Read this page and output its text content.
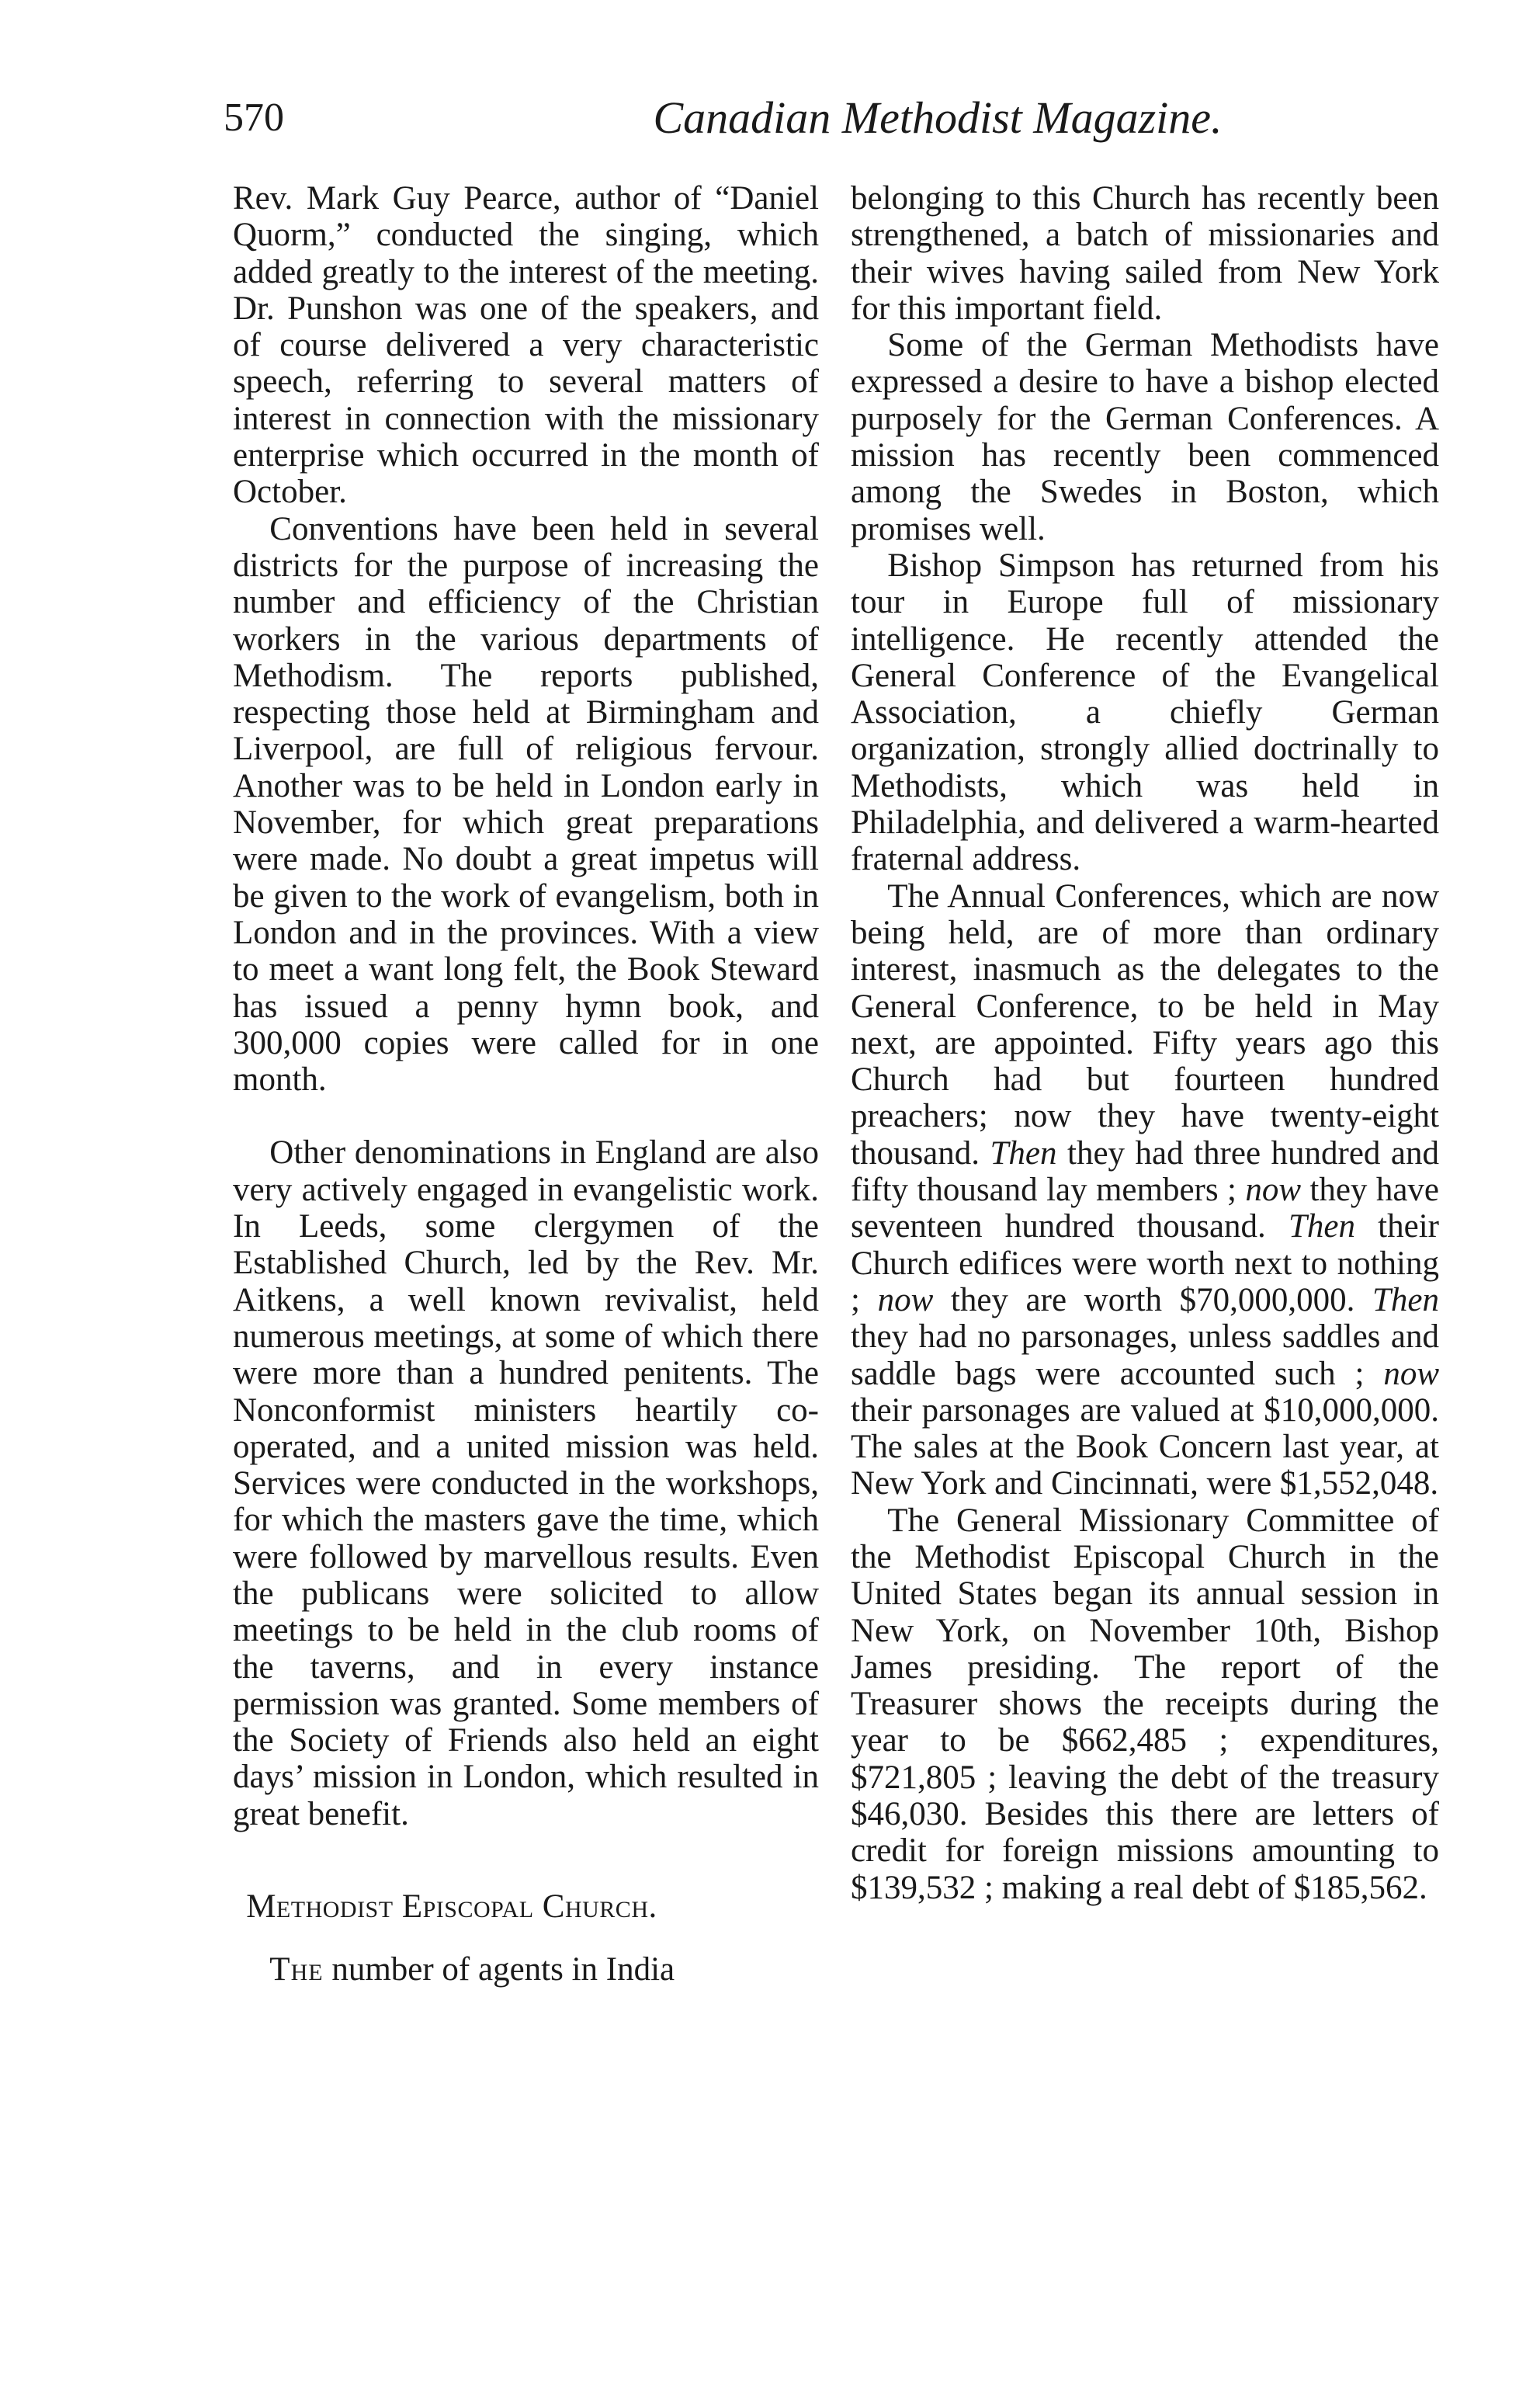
570	Canadian Methodist Magazine.

Rev. Mark Guy Pearce, author of “Daniel Quorm,” conducted the singing, which added greatly to the interest of the meeting. Dr. Punshon was one of the speakers, and of course delivered a very characteristic speech, referring to several matters of interest in connection with the missionary enterprise which occurred in the month of October.

Conventions have been held in several districts for the purpose of increasing the number and efficiency of the Christian workers in the various departments of Methodism. The reports published, respecting those held at Birmingham and Liverpool, are full of religious fervour. Another was to be held in London early in November, for which great preparations were made. No doubt a great impetus will be given to the work of evangelism, both in London and in the provinces. With a view to meet a want long felt, the Book Steward has issued a penny hymn book, and 300,000 copies were called for in one month.

Other denominations in England are also very actively engaged in evangelistic work. In Leeds, some clergymen of the Established Church, led by the Rev. Mr. Aitkens, a well known revivalist, held numerous meetings, at some of which there were more than a hundred penitents. The Nonconformist ministers heartily co-operated, and a united mission was held. Services were conducted in the workshops, for which the masters gave the time, which were followed by marvellous results. Even the publicans were solicited to allow meetings to be held in the club rooms of the taverns, and in every instance permission was granted. Some members of the Society of Friends also held an eight days’ mission in London, which resulted in great benefit.

Methodist Episcopal Church.

The number of agents in India

belonging to this Church has recently been strengthened, a batch of missionaries and their wives having sailed from New York for this important field.

Some of the German Methodists have expressed a desire to have a bishop elected purposely for the German Conferences. A mission has recently been commenced among the Swedes in Boston, which promises well.

Bishop Simpson has returned from his tour in Europe full of missionary intelligence. He recently attended the General Conference of the Evangelical Association, a chiefly German organization, strongly allied doctrinally to Methodists, which was held in Philadelphia, and delivered a warm-hearted fraternal address.

The Annual Conferences, which are now being held, are of more than ordinary interest, inasmuch as the delegates to the General Conference, to be held in May next, are appointed. Fifty years ago this Church had but fourteen hundred preachers; now they have twenty-eight thousand. Then they had three hundred and fifty thousand lay members ; now they have seventeen hundred thousand. Then their Church edifices were worth next to nothing ; now they are worth $70,000,000. Then they had no parsonages, unless saddles and saddle bags were accounted such ; now their parsonages are valued at $10,000,000. The sales at the Book Concern last year, at New York and Cincinnati, were $1,552,048.

The General Missionary Committee of the Methodist Episcopal Church in the United States began its annual session in New York, on November 10th, Bishop James presiding. The report of the Treasurer shows the receipts during the year to be $662,485 ; expenditures, $721,805 ; leaving the debt of the treasury $46,030. Besides this there are letters of credit for foreign missions amounting to $139,532 ; making a real debt of $185,562.
